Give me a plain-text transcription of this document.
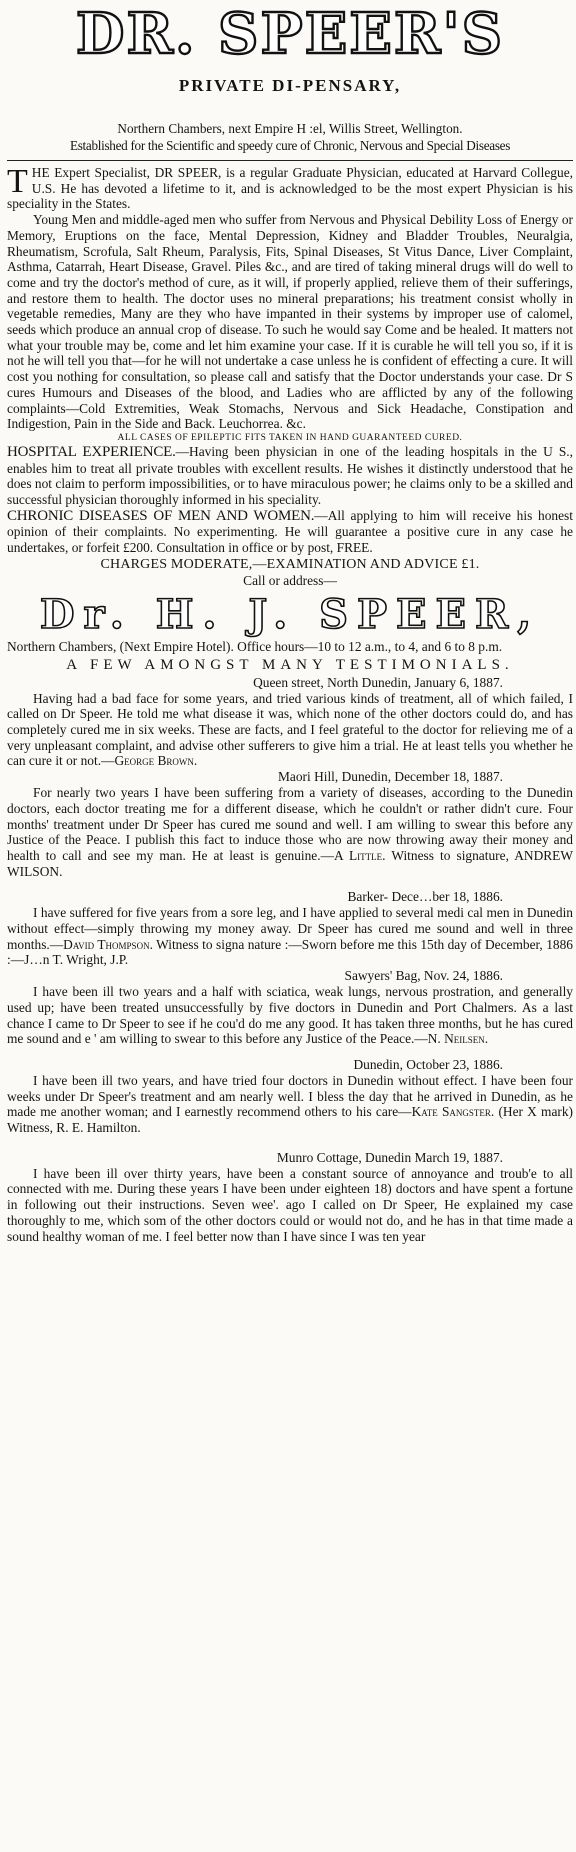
DR. SPEER'S
PRIVATE DI-PENSARY,
Northern Chambers, next Empire H :el, Willis Street, Wellington.
Established for the Scientific and speedy cure of Chronic, Nervous and Special Diseases

THE Expert Specialist, DR SPEER, is a regular Graduate Physician, educated at Harvard Collegue, U.S. He has devoted a lifetime to it, and is acknowledged to be the most expert Physician is his speciality in the States.

Young Men and middle-aged men who suffer from Nervous and Physical Debility Loss of Energy or Memory, Eruptions on the face, Mental Depression, Kidney and Bladder Troubles, Neuralgia, Rheumatism, Scrofula, Salt Rheum, Paralysis, Fits, Spinal Diseases, St Vitus Dance, Liver Complaint, Asthma, Catarrah, Heart Disease, Gravel. Piles &c., and are tired of taking mineral drugs will do well to come and try the doctor's method of cure, as it will, if properly applied, relieve them of their sufferings, and restore them to health. The doctor uses no mineral preparations; his treatment consist wholly in vegetable remedies, Many are they who have impanted in their systems by improper use of calomel, seeds which produce an annual crop of disease. To such he would say Come and be healed. It matters not what your trouble may be, come and let him examine your case. If it is curable he will tell you so, if it is not he will tell you that—for he will not undertake a case unless he is confident of effecting a cure. It will cost you nothing for consultation, so please call and satisfy that the Doctor understands your case. Dr S cures Humours and Diseases of the blood, and Ladies who are afflicted by any of the following complaints—Cold Extremities, Weak Stomachs, Nervous and Sick Headache, Constipation and Indigestion, Pain in the Side and Back. Leuchorrea. &c.

ALL CASES OF EPILEPTIC FITS TAKEN IN HAND GUARANTEED CURED.

HOSPITAL EXPERIENCE.—Having been physician in one of the leading hospitals in the U S., enables him to treat all private troubles with excellent results. He wishes it distinctly understood that he does not claim to perform impossibilities, or to have miraculous power; he claims only to be a skilled and successful physician thoroughly informed in his speciality.

CHRONIC DISEASES OF MEN AND WOMEN.—All applying to him will receive his honest opinion of their complaints. No experimenting. He will guarantee a positive cure in any case he undertakes, or forfeit £200. Consultation in office or by post, FREE.

CHARGES MODERATE,—EXAMINATION AND ADVICE £1.
Call or address—
Dr. H. J. SPEER,

Northern Chambers, (Next Empire Hotel). Office hours—10 to 12 a.m., to 4, and 6 to 8 p.m.

A FEW AMONGST MANY TESTIMONIALS.
Queen street, North Dunedin, January 6, 1887.

Having had a bad face for some years, and tried various kinds of treatment, all of which failed, I called on Dr Speer. He told me what disease it was, which none of the other doctors could do, and has completely cured me in six weeks. These are facts, and I feel grateful to the doctor for relieving me of a very unpleasant complaint, and advise other sufferers to give him a trial. He at least tells you whether he can cure it or not.—George Brown.

Maori Hill, Dunedin, December 18, 1887.

For nearly two years I have been suffering from a variety of diseases, according to the Dunedin doctors, each doctor treating me for a different disease, which he couldn't or rather didn't cure. Four months' treatment under Dr Speer has cured me sound and well. I am willing to swear this before any Justice of the Peace. I publish this fact to induce those who are now throwing away their money and health to call and see my man. He at least is genuine.—A Little. Witness to signature, ANDREW WILSON.

Barker- Dece…ber 18, 1886.

I have suffered for five years from a sore leg, and I have applied to several medi cal men in Dunedin without effect—simply throwing my money away. Dr Speer has cured me sound and well in three months.—David Thompson. Witness to signa nature :—Sworn before me this 15th day of December, 1886 :—J…n T. Wright, J.P.

Sawyers' Bag, Nov. 24, 1886.

I have been ill two years and a half with sciatica, weak lungs, nervous prostration, and generally used up; have been treated unsuccessfully by five doctors in Dunedin and Port Chalmers. As a last chance I came to Dr Speer to see if he cou'd do me any good. It has taken three months, but he has cured me sound and e ' am willing to swear to this before any Justice of the Peace.—N. Neilsen.

Dunedin, October 23, 1886.

I have been ill two years, and have tried four doctors in Dunedin without effect. I have been four weeks under Dr Speer's treatment and am nearly well. I bless the day that he arrived in Dunedin, as he made me another woman; and I earnestly recommend others to his care—Kate Sangster. (Her X mark) Witness, R. E. Hamilton.

Munro Cottage, Dunedin March 19, 1887.

I have been ill over thirty years, have been a constant source of annoyance and troub'e to all connected with me. During these years I have been under eighteen 18) doctors and have spent a fortune in following out their instructions. Seven wee'. ago I called on Dr Speer, He explained my case thoroughly to me, which som of the other doctors could or would not do, and he has in that time made a sound healthy woman of me. I feel better now than I have since I was ten year
